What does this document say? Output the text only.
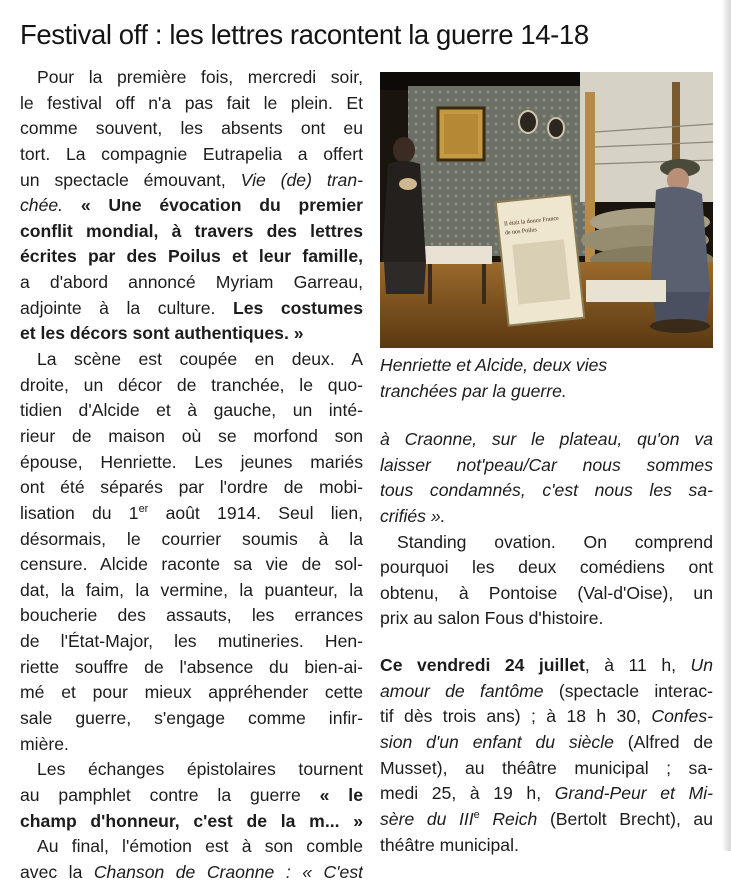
Festival off : les lettres racontent la guerre 14-18
Pour la première fois, mercredi soir,
le festival off n'a pas fait le plein. Et
comme souvent, les absents ont eu
tort. La compagnie Eutrapelia a offert
un spectacle émouvant, Vie (de) tran-
chée. « Une évocation du premier
conflit mondial, à travers des lettres
écrites par des Poilus et leur famille,
a d'abord annoncé Myriam Garreau,
adjointe à la culture. Les costumes
et les décors sont authentiques. »
La scène est coupée en deux. A
droite, un décor de tranchée, le quo-
tidien d'Alcide et à gauche, un inté-
rieur de maison où se morfond son
épouse, Henriette. Les jeunes mariés
ont été séparés par l'ordre de mobi-
lisation du 1er août 1914. Seul lien,
désormais, le courrier soumis à la
censure. Alcide raconte sa vie de sol-
dat, la faim, la vermine, la puanteur, la
boucherie des assauts, les errances
de l'État-Major, les mutineries. Hen-
riette souffre de l'absence du bien-ai-
mé et pour mieux appréhender cette
sale guerre, s'engage comme infir-
mière.
Les échanges épistolaires tournent
au pamphlet contre la guerre « le
champ d'honneur, c'est de la m... »
Au final, l'émotion est à son comble
avec la Chanson de Craonne : « C'est
Il était la douce France
de nos Poilus
Henriette et Alcide, deux vies
tranchées par la guerre.
à Craonne, sur le plateau, qu'on va
laisser not'peau/Car nous sommes
tous condamnés, c'est nous les sa-
crifiés ».
Standing ovation. On comprend
pourquoi les deux comédiens ont
obtenu, à Pontoise (Val-d'Oise), un
prix au salon Fous d'histoire.
Ce vendredi 24 juillet, à 11 h, Un
amour de fantôme (spectacle interac-
tif dès trois ans) ; à 18 h 30, Confes-
sion d'un enfant du siècle (Alfred de
Musset), au théâtre municipal ; sa-
medi 25, à 19 h, Grand-Peur et Mi-
sère du IIIe Reich (Bertolt Brecht), au
théâtre municipal.
